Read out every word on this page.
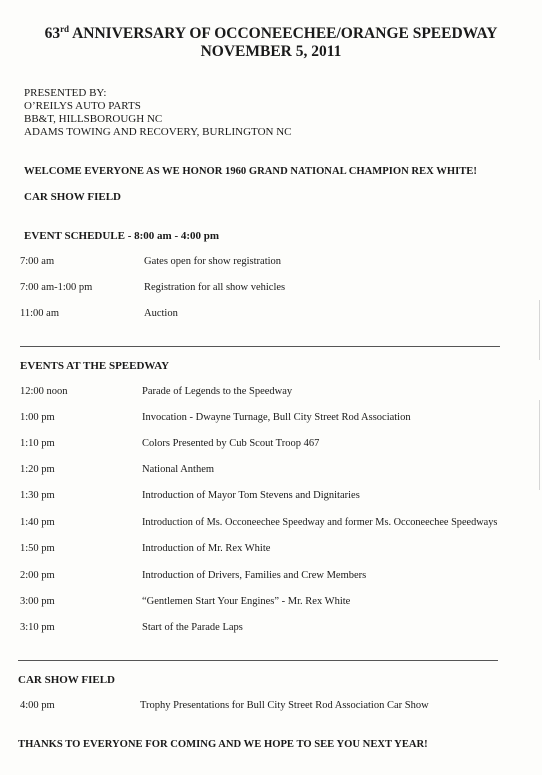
63rd ANNIVERSARY OF OCCONEECHEE/ORANGE SPEEDWAY
NOVEMBER 5, 2011
PRESENTED BY:
O’REILYS AUTO PARTS
BB&T, HILLSBOROUGH NC
ADAMS TOWING AND RECOVERY, BURLINGTON NC
WELCOME EVERYONE AS WE HONOR 1960 GRAND NATIONAL CHAMPION REX WHITE!
CAR SHOW FIELD
EVENT SCHEDULE - 8:00 am - 4:00 pm
7:00 am	Gates open for show registration
7:00 am-1:00 pm	Registration for all show vehicles
11:00 am	Auction
EVENTS AT THE SPEEDWAY
12:00 noon	Parade of Legends to the Speedway
1:00 pm	Invocation - Dwayne Turnage, Bull City Street Rod Association
1:10 pm	Colors Presented by Cub Scout Troop 467
1:20 pm	National Anthem
1:30 pm	Introduction of Mayor Tom Stevens and Dignitaries
1:40 pm	Introduction of Ms. Occoneechee Speedway and former Ms. Occoneechee Speedways
1:50 pm	Introduction of Mr. Rex White
2:00 pm	Introduction of Drivers, Families and Crew Members
3:00 pm	“Gentlemen Start Your Engines” - Mr. Rex White
3:10 pm	Start of the Parade Laps
CAR SHOW FIELD
4:00 pm	Trophy Presentations for Bull City Street Rod Association Car Show
THANKS TO EVERYONE FOR COMING AND WE HOPE TO SEE YOU NEXT YEAR!
